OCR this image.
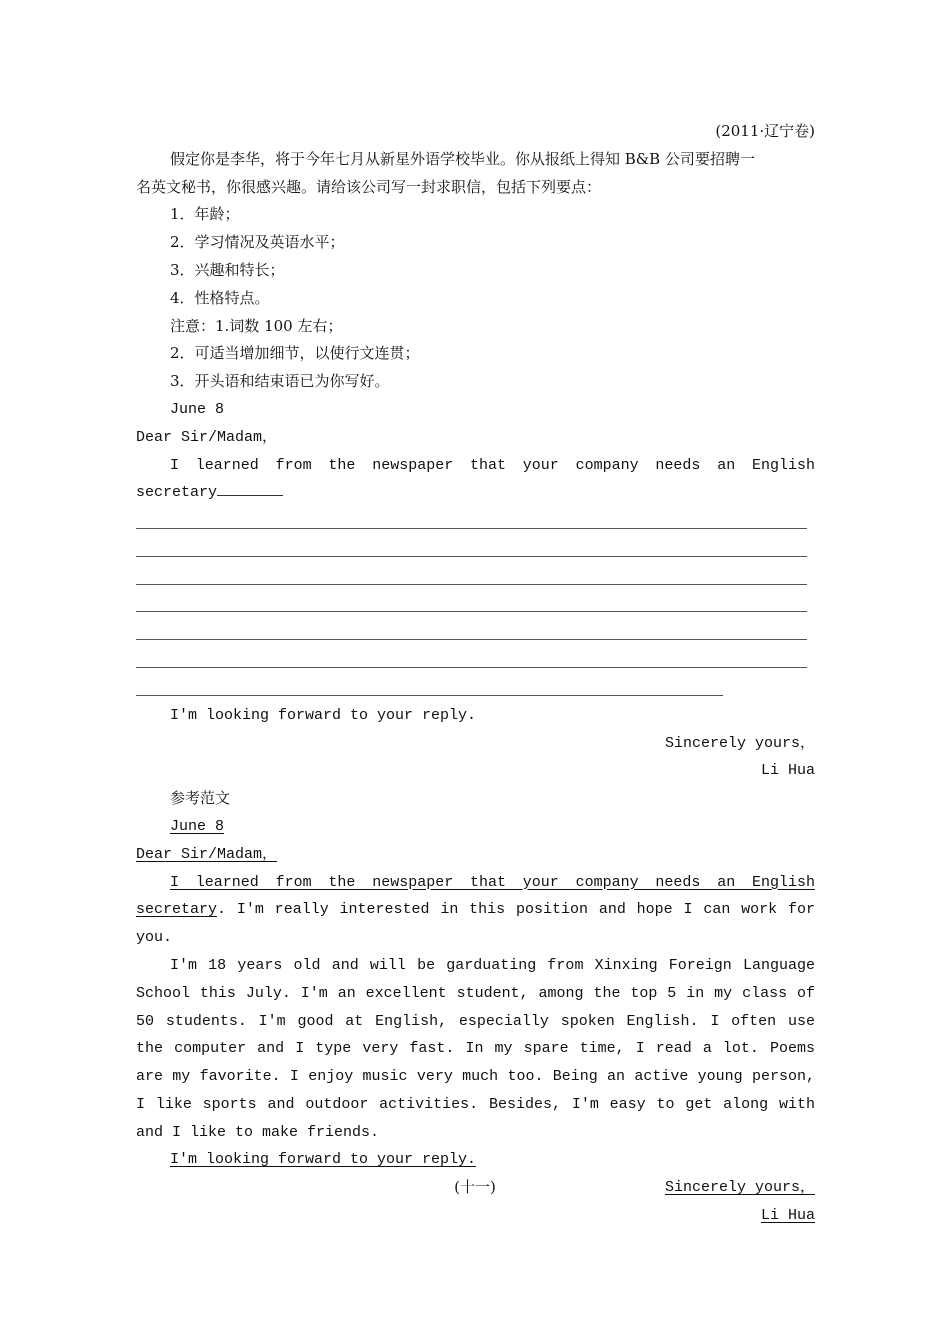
(2011·辽宁卷)
假定你是李华，将于今年七月从新星外语学校毕业。你从报纸上得知 B&B 公司要招聘一
名英文秘书，你很感兴趣。请给该公司写一封求职信，包括下列要点：
1．年龄；
2．学习情况及英语水平；
3．兴趣和特长；
4．性格特点。
注意：1.词数 100 左右；
2．可适当增加细节，以使行文连贯；
3．开头语和结束语已为你写好。
June 8
Dear Sir/Madam，
I learned from the newspaper that your company needs an English
secretary
I'm looking forward to your reply.
Sincerely yours，
Li Hua
参考范文
June 8
Dear Sir/Madam，
I learned from the newspaper that your company needs an English secretary. I'm really interested in this position and hope I can work for you.
I'm 18 years old and will be garduating from Xinxing Foreign Language School this July. I'm an excellent student, among the top 5 in my class of 50 students. I'm good at English, especially spoken English. I often use the computer and I type very fast. In my spare time, I read a lot. Poems are my favorite. I enjoy music very much too. Being an active young person, I like sports and outdoor activities. Besides, I'm easy to get along with and I like to make friends.
I'm looking forward to your reply.
Sincerely yours，
Li Hua
(十一)
